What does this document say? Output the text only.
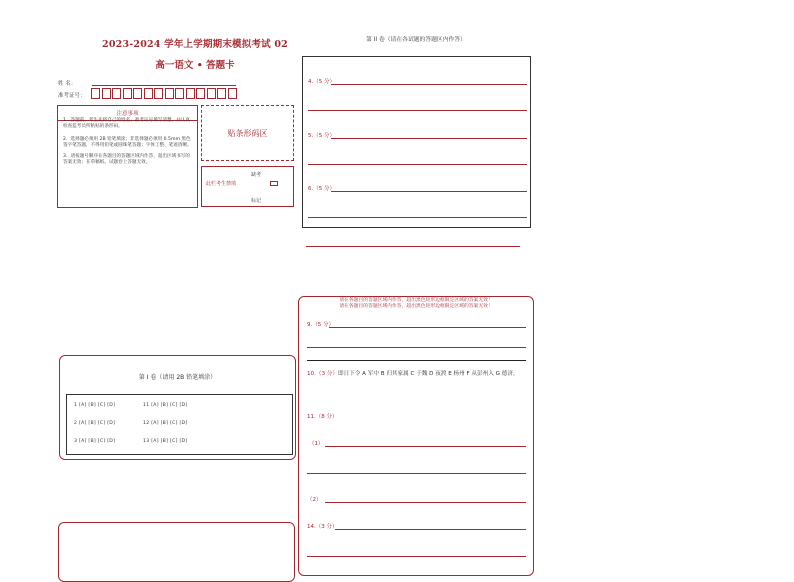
2023-2024 学年上学期期末模拟考试 02
高一语文 • 答题卡
姓 名：
准考证号：
注意事项
1．答题前，考生先将自己的姓名、准考证号填写清楚，并认真检查监考员所粘贴的条形码。
2．选择题必须用 2B 铅笔填涂；非选择题必须用 0.5mm 黑色签字笔答题，不得用铅笔或圆珠笔答题；字体工整、笔迹清晰。
3．请按题号顺序在各题目的答题区域内作答，超出区域书写的答案无效；在草稿纸、试题卷上答题无效。
贴条形码区
此栏考生禁填
缺考
标记
第 I 卷（请用 2B 铅笔填涂）
1 [A] [B] [C] [D]	11 [A] [B] [C] [D]
2 [A] [B] [C] [D]	12 [A] [B] [C] [D]
3 [A] [B] [C] [D]	13 [A] [B] [C] [D]
第 II 卷（请在各试题的答题区内作答）
4.（5 分）
5.（5 分）
6.（5 分）
请在各题目的答题区域内作答，超出黑色矩形边框限定区域的答案无效！
请在各题目的答题区域内作答，超出黑色矩形边框限定区域的答案无效！
9.（5 分）
10.（3 分）即日下令 A 军中 B 归其家属 C 于魏 D 夜渡 E 杨州 F 从彭州入 G 德济。
11.（8 分）
（1）
（2）
14.（3 分）
